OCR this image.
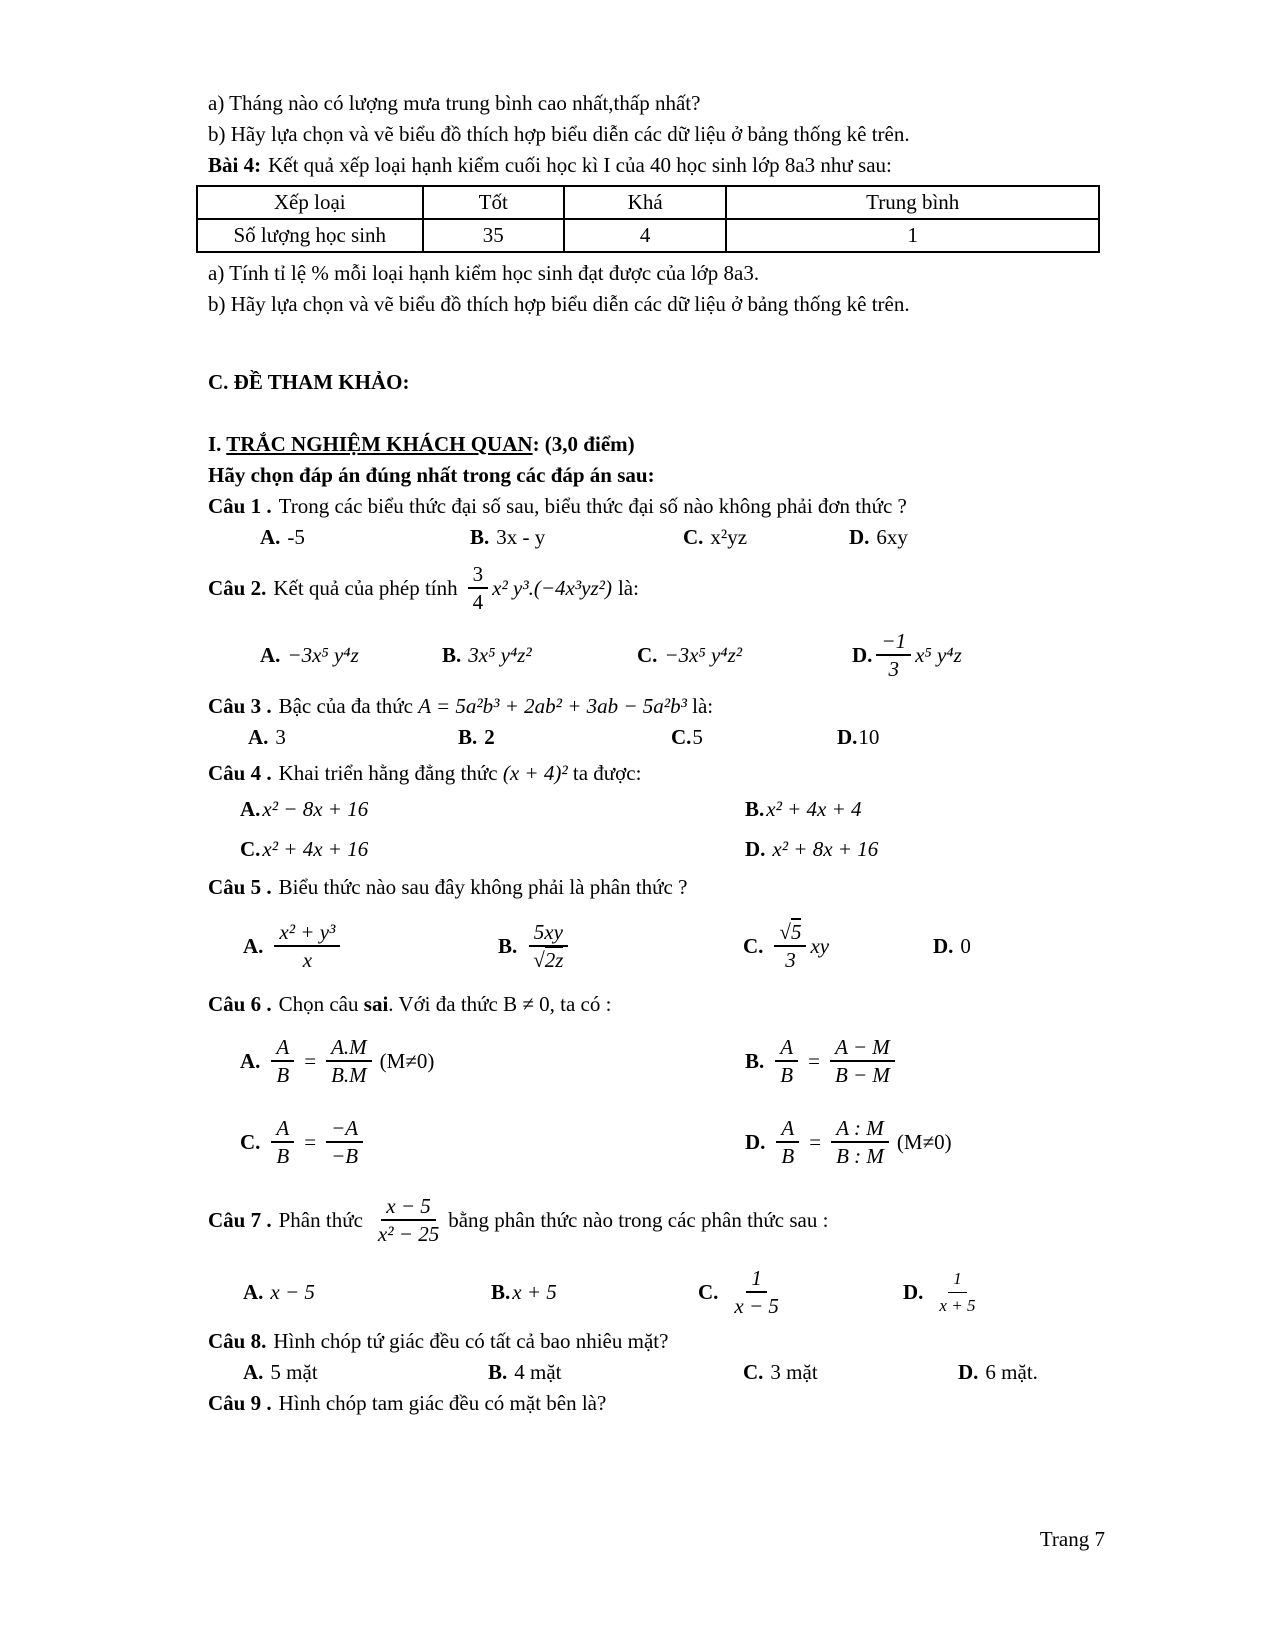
a) Tháng nào có lượng mưa trung bình cao nhất,thấp nhất?

b) Hãy lựa chọn và vẽ biểu đồ thích hợp biểu diễn các dữ liệu ở bảng thống kê trên.

Bài 4: Kết quả xếp loại hạnh kiểm cuối học kì I của 40 học sinh lớp 8a3 như sau:

Xếp loại	Tốt	Khá	Trung bình
Số lượng học sinh	35	4	1

a) Tính tỉ lệ % mỗi loại hạnh kiểm học sinh đạt được của lớp 8a3.

b) Hãy lựa chọn và vẽ biểu đồ thích hợp biểu diễn các dữ liệu ở bảng thống kê trên.

C. ĐỀ THAM KHẢO:

I. TRẮC NGHIỆM KHÁCH QUAN: (3,0 điểm)

Hãy chọn đáp án đúng nhất trong các đáp án sau:

Câu 1 . Trong các biểu thức đại số sau, biểu thức đại số nào không phải đơn thức ?

A. -5	B. 3x - y	C. x²yz	D. 6xy
Câu 2. Kết quả của phép tính $\frac{3}{4} x^2$ y³.(−4x³yz²) là:
A. −3x⁵ y⁴z	B. 3x⁵ y⁴z²	C. −3x⁵ y⁴z²	D. $\frac{-1}{3} x^5$ y⁴z

Câu 3 . Bậc của đa thức A = 5a²b³ + 2ab² + 3ab − 5a²b³ là:

A. 3	B. 2	C. 5	D. 10

Câu 4 . Khai triển hằng đẳng thức (x + 4)² ta được:

A. x² − 8x + 16	B. x² + 4x + 4
C. x² + 4x + 16	D. x² + 8x + 16

Câu 5 . Biểu thức nào sau đây không phải là phân thức ?

A. $\frac{\text{x² + y³}}{x}$	B. $\frac{5xy}{√2z}$	C. $\frac{√5}{3}$ xy	D. 0

Câu 6 . Chọn câu sai. Với đa thức B ≠ 0, ta có :

A. $\frac{A}{B} = \frac{A.M}{B.M} (M\ne 0)$	B. $\frac{A}{B} = \frac{A - M}{B - M}$
C. $\frac{A}{B} = \frac{-A}{-B}$	D. $\frac{A}{B} = \frac{A : M}{B : M} (M\ne 0)$
Câu 7 . Phân thức $\frac{x - 5}{\text{x² − 25}}$ bằng phân thức nào trong các phân thức sau :
A. x − 5	B. x + 5	C. $\frac{1}{x - 5}$	D. $\frac{1}{x + 5}$

Câu 8. Hình chóp tứ giác đều có tất cả bao nhiêu mặt?

A. 5 mặt	B. 4 mặt	C. 3 mặt	D. 6 mặt.

Câu 9 . Hình chóp tam giác đều có mặt bên là?

Trang 7
